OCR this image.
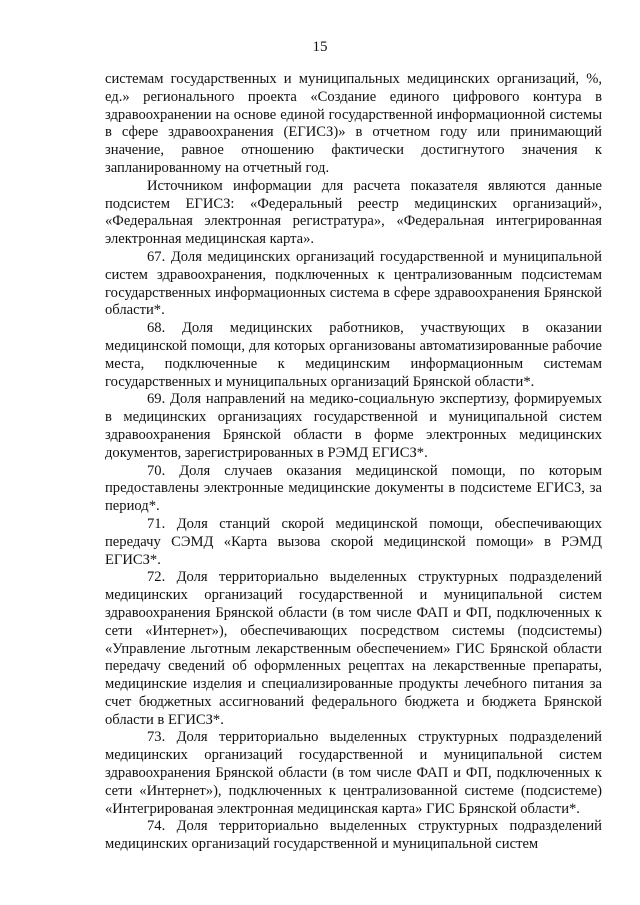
15

системам государственных и муниципальных медицинских организаций, %, ед.» регионального проекта «Создание единого цифрового контура в здравоохранении на основе единой государственной информационной системы в сфере здравоохранения (ЕГИСЗ)» в отчетном году или принимающий значение, равное отношению фактически достигнутого значения к запланированному на отчетный год.

Источником информации для расчета показателя являются данные подсистем ЕГИСЗ: «Федеральный реестр медицинских организаций», «Федеральная электронная регистратура», «Федеральная интегрированная электронная медицинская карта».

67. Доля медицинских организаций государственной и муниципальной систем здравоохранения, подключенных к централизованным подсистемам государственных информационных система в сфере здравоохранения Брянской области*.

68. Доля медицинских работников, участвующих в оказании медицинской помощи, для которых организованы автоматизированные рабочие места, подключенные к медицинским информационным системам государственных и муниципальных организаций Брянской области*.

69. Доля направлений на медико-социальную экспертизу, формируемых в медицинских организациях государственной и муниципальной систем здравоохранения Брянской области в форме электронных медицинских документов, зарегистрированных в РЭМД ЕГИСЗ*.

70. Доля случаев оказания медицинской помощи, по которым предоставлены электронные медицинские документы в подсистеме ЕГИСЗ, за период*.

71. Доля станций скорой медицинской помощи, обеспечивающих передачу СЭМД «Карта вызова скорой медицинской помощи» в РЭМД ЕГИСЗ*.

72. Доля территориально выделенных структурных подразделений медицинских организаций государственной и муниципальной систем здравоохранения Брянской области (в том числе ФАП и ФП, подключенных к сети «Интернет»), обеспечивающих посредством системы (подсистемы) «Управление льготным лекарственным обеспечением» ГИС Брянской области передачу сведений об оформленных рецептах на лекарственные препараты, медицинские изделия и специализированные продукты лечебного питания за счет бюджетных ассигнований федерального бюджета и бюджета Брянской области в ЕГИСЗ*.

73. Доля территориально выделенных структурных подразделений медицинских организаций государственной и муниципальной систем здравоохранения Брянской области (в том числе ФАП и ФП, подключенных к сети «Интернет»), подключенных к централизованной системе (подсистеме) «Интегрированая электронная медицинская карта» ГИС Брянской области*.

74. Доля территориально выделенных структурных подразделений медицинских организаций государственной и муниципальной систем
